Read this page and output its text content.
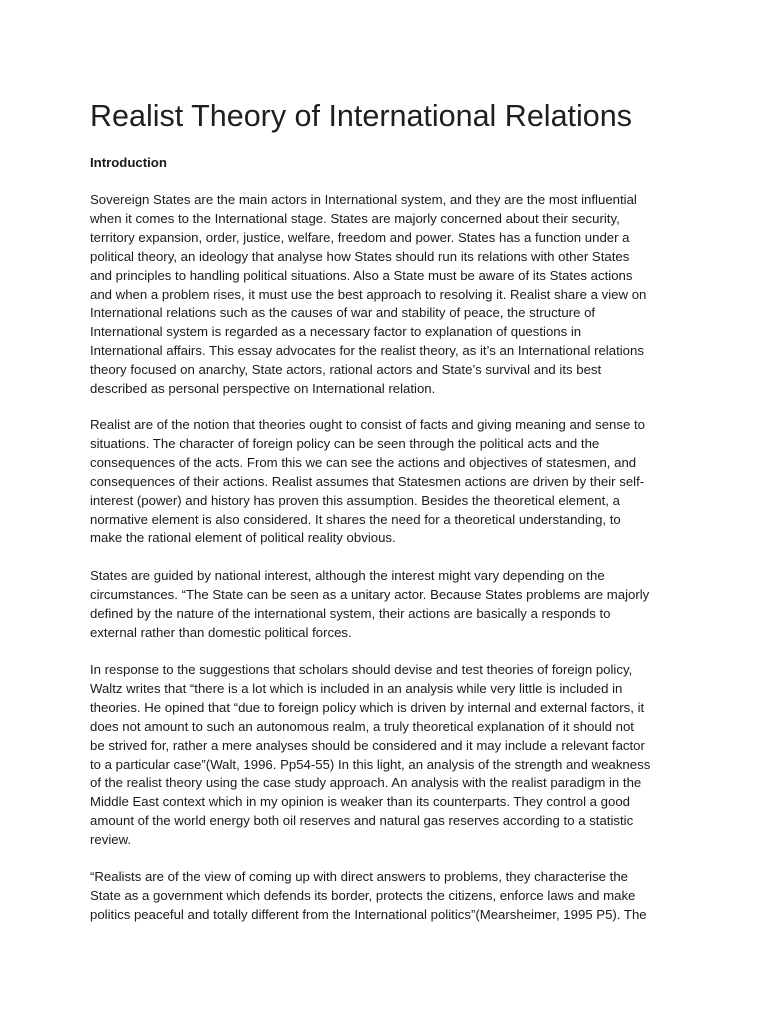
Realist Theory of International Relations
Introduction

Sovereign States are the main actors in International system, and they are the most influential
when it comes to the International stage. States are majorly concerned about their security,
territory expansion, order, justice, welfare, freedom and power. States has a function under a
political theory, an ideology that analyse how States should run its relations with other States
and principles to handling political situations. Also a State must be aware of its States actions
and when a problem rises, it must use the best approach to resolving it. Realist share a view on
International relations such as the causes of war and stability of peace, the structure of
International system is regarded as a necessary factor to explanation of questions in
International affairs. This essay advocates for the realist theory, as it’s an International relations
theory focused on anarchy, State actors, rational actors and State’s survival and its best
described as personal perspective on International relation.

Realist are of the notion that theories ought to consist of facts and giving meaning and sense to
situations. The character of foreign policy can be seen through the political acts and the
consequences of the acts. From this we can see the actions and objectives of statesmen, and
consequences of their actions. Realist assumes that Statesmen actions are driven by their self-
interest (power) and history has proven this assumption. Besides the theoretical element, a
normative element is also considered. It shares the need for a theoretical understanding, to
make the rational element of political reality obvious.

States are guided by national interest, although the interest might vary depending on the
circumstances. “The State can be seen as a unitary actor. Because States problems are majorly
defined by the nature of the international system, their actions are basically a responds to
external rather than domestic political forces.

In response to the suggestions that scholars should devise and test theories of foreign policy,
Waltz writes that “there is a lot which is included in an analysis while very little is included in
theories. He opined that “due to foreign policy which is driven by internal and external factors, it
does not amount to such an autonomous realm, a truly theoretical explanation of it should not
be strived for, rather a mere analyses should be considered and it may include a relevant factor
to a particular case”(Walt, 1996. Pp54-55) In this light, an analysis of the strength and weakness
of the realist theory using the case study approach. An analysis with the realist paradigm in the
Middle East context which in my opinion is weaker than its counterparts. They control a good
amount of the world energy both oil reserves and natural gas reserves according to a statistic
review.

“Realists are of the view of coming up with direct answers to problems, they characterise the
State as a government which defends its border, protects the citizens, enforce laws and make
politics peaceful and totally different from the International politics”(Mearsheimer, 1995 P5). The
